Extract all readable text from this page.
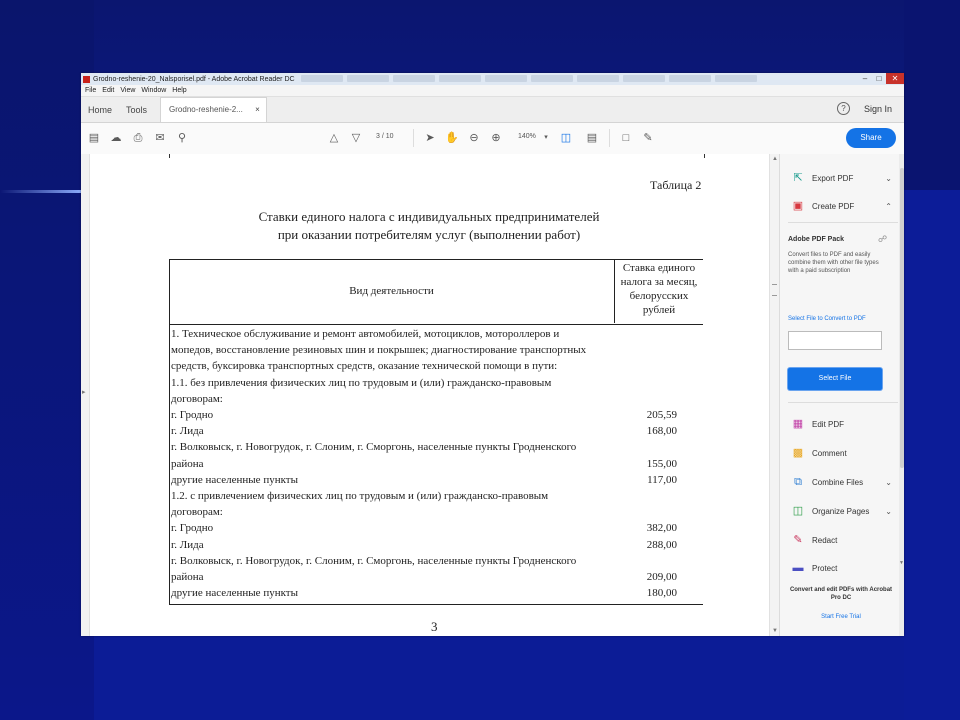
Grodno-reshenie-20_Nalsporisel.pdf - Adobe Acrobat Reader DC	–	□	✕
File Edit View Window Help
Home	Tools	Grodno-reshenie-2... ×	?	Sign In
▤ ☁ ⎙ ✉ ⚲	△ ▽	3 / 10	➤ ✋ ⊖ ⊕	140%	▾	◫ ▤	□	✎	Share
▸
Таблица 2
Ставки единого налога с индивидуальных предпринимателей
при оказании потребителям услуг (выполнении работ)
Вид деятельности
Ставка единого налога за месяц, белорусских рублей
1. Техническое обслуживание и ремонт автомобилей, мотоциклов, мотороллеров и
мопедов, восстановление резиновых шин и покрышек; диагностирование транспортных
средств, буксировка транспортных средств, оказание технической помощи в пути:
1.1. без привлечения физических лиц по трудовым и (или) гражданско-правовым
договорам:
г. Гродно	205,59
г. Лида	168,00
г. Волковыск, г. Новогрудок, г. Слоним, г. Сморгонь, населенные пункты Гродненского
района	155,00
другие населенные пункты	117,00
1.2. с привлечением физических лиц по трудовым и (или) гражданско-правовым
договорам:
г. Гродно	382,00
г. Лида	288,00
г. Волковыск, г. Новогрудок, г. Слоним, г. Сморгонь, населенные пункты Гродненского
района	209,00
другие населенные пункты	180,00
3
▲
▼
⇱ Export PDF	⌄
▣ Create PDF	⌃
Adobe PDF Pack	☍
Convert files to PDF and easily combine them with other file types with a paid subscription
Select File to Convert to PDF
Select File
▦ Edit PDF
▩ Comment
⧉ Combine Files	⌄
◫ Organize Pages ⌄
✎ Redact
▬ Protect
Convert and edit PDFs with Acrobat Pro DC
Start Free Trial
▼
